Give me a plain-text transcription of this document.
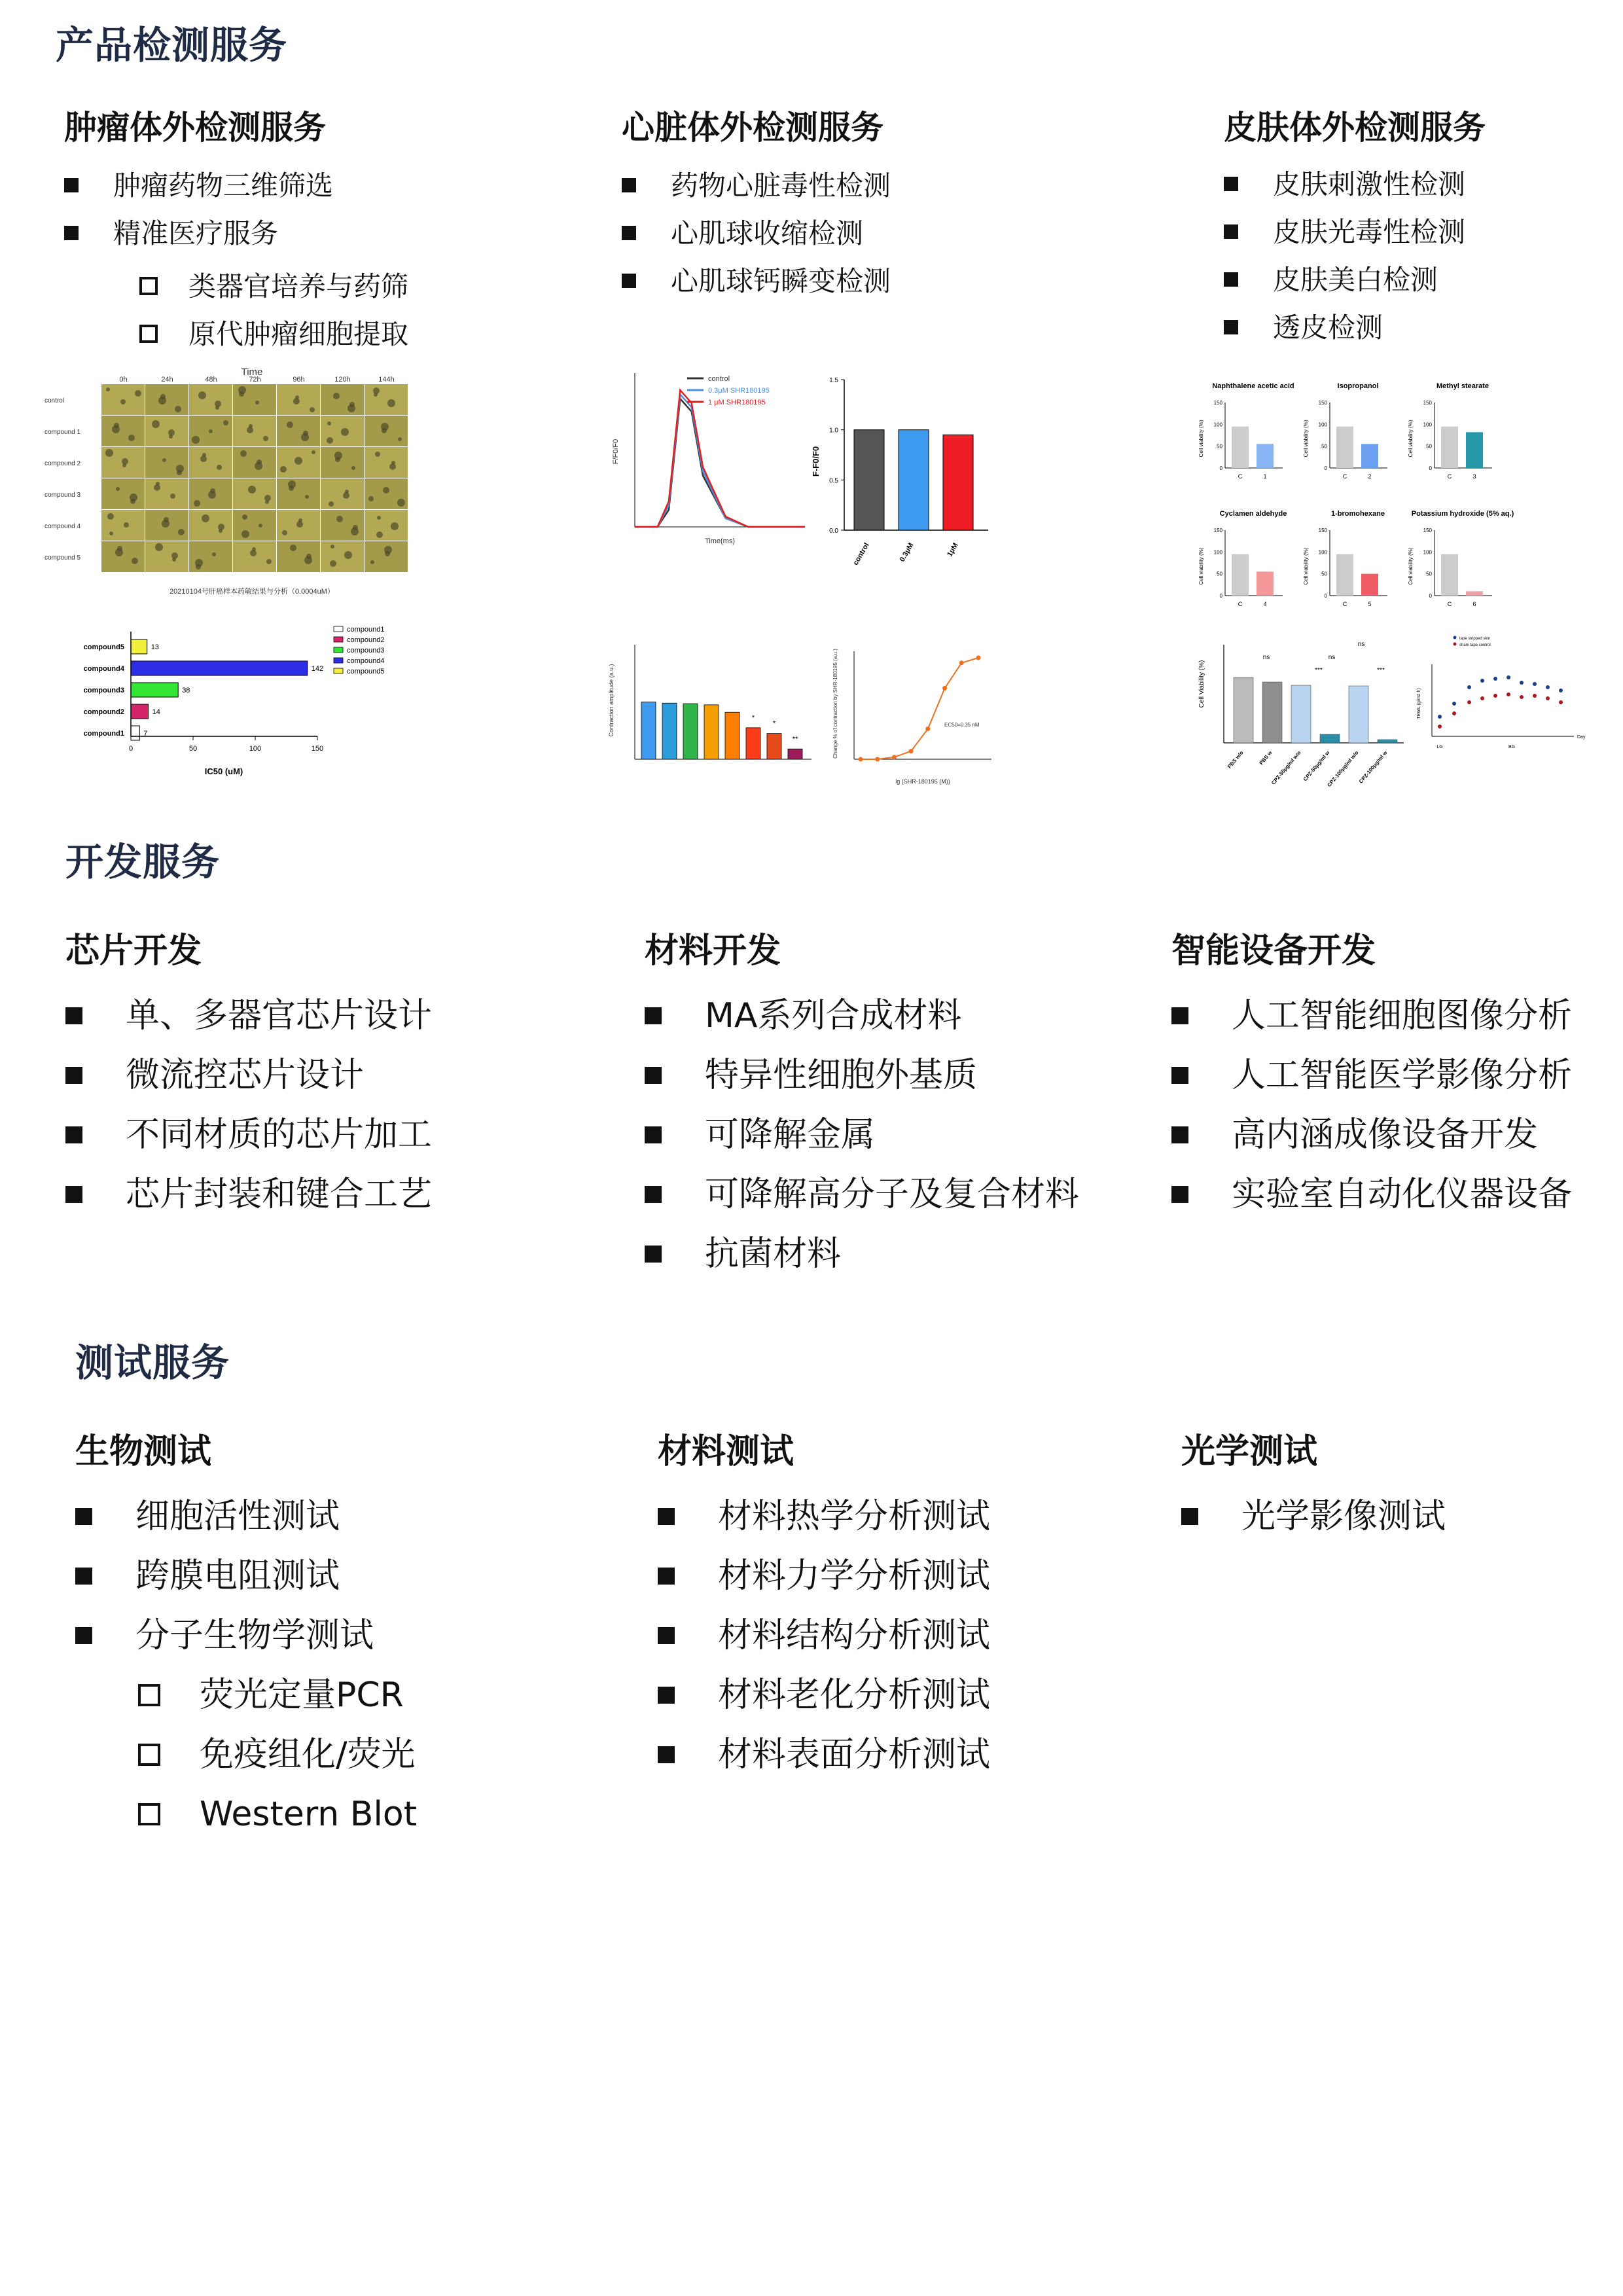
产品检测服务
肿瘤体外检测服务
肿瘤药物三维筛选
精准医疗服务
类器官培养与药筛
原代肿瘤细胞提取
心脏体外检测服务
药物心脏毒性检测
心肌球收缩检测
心肌球钙瞬变检测
皮肤体外检测服务
皮肤刺激性检测
皮肤光毒性检测
皮肤美白检测
透皮检测
Time
0h	24h	48h	72h	96h	120h	144h
control
compound 1
compound 2
compound 3
compound 4
compound 5
20210104号肝癌样本药敏结果与分析（0.0004uM）
compound5	13
compound4	142
compound3	38
compound2	14
compound1	7
0	50	100	150
IC50 (uM)
compound1
compound2
compound3
compound4
compound5
F/F0/F0
control
0.3μM SHR180195
1 μM SHR180195
Time(ms)
F-F0/F0
0.0
0.5
1.0
1.5
control	0.3μM	1μM
Contraction amplitude (a.u.)	*
*
**	Change % of contraction by SHR-180195 (a.u.)	EC50=0.35 nM
lg (SHR-180195 (M))
Naphthalene acetic acid
Cell viability (%)
150
100
50
0
C	1
Isopropanol
Cell viability (%)
150
100
50
0
C	2
Methyl stearate
Cell viability (%)
150
100
50
0
C	3
Cyclamen aldehyde
Cell viability (%)
150
100
50
0
C	4
1-bromohexane
Cell viability (%)
150
100
50
0
C	5
Potassium hydroxide (5% aq.)
Cell viability (%)
150
100
50
0
C	6
Cell Viability (%)
PBS w/o	PBS w
CPZ-50μg/ml w/o CPZ-50μg/ml w
CPZ-100μg/ml w/o
CPZ-100μg/ml w
ns	ns
ns
***	***
TEWL (g/m2 h)
tape stripped skin
sham tape control
LG	BG
Day
开发服务
芯片开发
单、多器官芯片设计
微流控芯片设计
不同材质的芯片加工
芯片封装和键合工艺
材料开发
MA系列合成材料
特异性细胞外基质
可降解金属
可降解高分子及复合材料
抗菌材料
智能设备开发
人工智能细胞图像分析
人工智能医学影像分析
高内涵成像设备开发
实验室自动化仪器设备
测试服务
生物测试
细胞活性测试
跨膜电阻测试
分子生物学测试
荧光定量PCR
免疫组化/荧光
Western Blot
材料测试
材料热学分析测试
材料力学分析测试
材料结构分析测试
材料老化分析测试
材料表面分析测试
光学测试
光学影像测试
